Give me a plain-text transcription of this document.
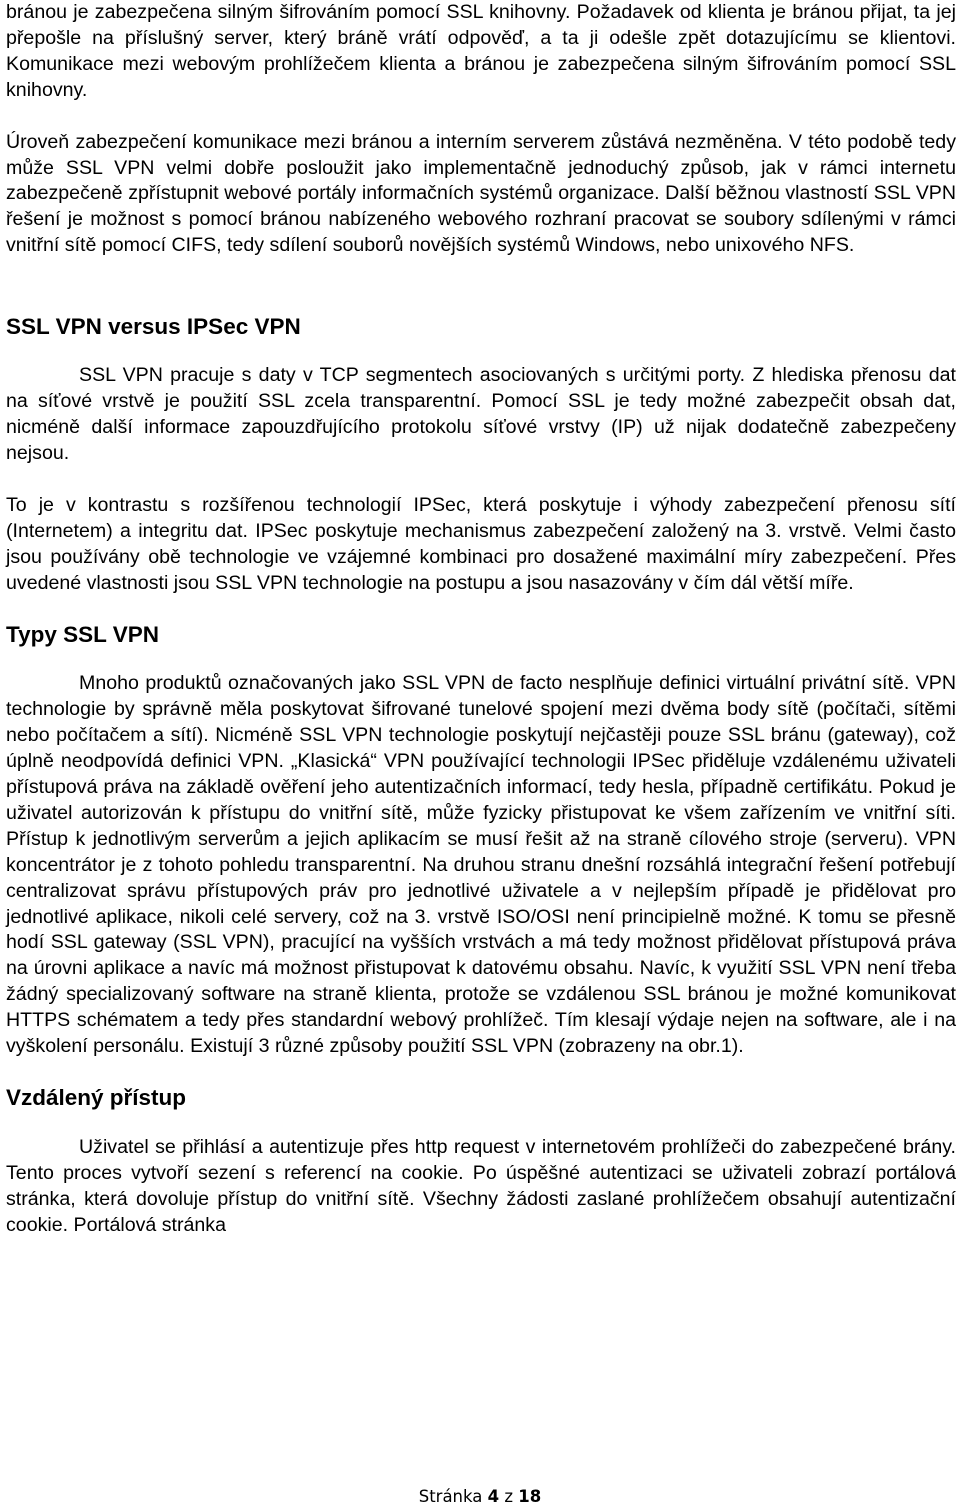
bránou je zabezpečena silným šifrováním pomocí SSL knihovny. Požadavek od klienta je bránou přijat, ta jej přepošle na příslušný server, který bráně vrátí odpověď, a ta ji odešle zpět dotazujícímu se klientovi. Komunikace mezi webovým prohlížečem klienta a bránou je zabezpečena silným šifrováním pomocí SSL knihovny.

Úroveň zabezpečení komunikace mezi bránou a interním serverem zůstává nezměněna. V této podobě tedy může SSL VPN velmi dobře posloužit jako implementačně jednoduchý způsob, jak v rámci internetu zabezpečeně zpřístupnit webové portály informačních systémů organizace. Další běžnou vlastností SSL VPN řešení je možnost s pomocí bránou nabízeného webového rozhraní pracovat se soubory sdílenými v rámci vnitřní sítě pomocí CIFS, tedy sdílení souborů novějších systémů Windows, nebo unixového NFS.

SSL VPN versus IPSec VPN

SSL VPN pracuje s daty v TCP segmentech asociovaných s určitými porty. Z hlediska přenosu dat na síťové vrstvě je použití SSL zcela transparentní. Pomocí SSL je tedy možné zabezpečit obsah dat, nicméně další informace zapouzdřujícího protokolu síťové vrstvy (IP) už nijak dodatečně zabezpečeny nejsou.

To je v kontrastu s rozšířenou technologií IPSec, která poskytuje i výhody zabezpečení přenosu sítí (Internetem) a integritu dat. IPSec poskytuje mechanismus zabezpečení založený na 3. vrstvě. Velmi často jsou používány obě technologie ve vzájemné kombinaci pro dosažené maximální míry zabezpečení. Přes uvedené vlastnosti jsou SSL VPN technologie na postupu a jsou nasazovány v čím dál větší míře.

Typy SSL VPN

Mnoho produktů označovaných jako SSL VPN de facto nesplňuje definici virtuální privátní sítě. VPN technologie by správně měla poskytovat šifrované tunelové spojení mezi dvěma body sítě (počítači, sítěmi nebo počítačem a sítí). Nicméně SSL VPN technologie poskytují nejčastěji pouze SSL bránu (gateway), což úplně neodpovídá definici VPN. „Klasická“ VPN používající technologii IPSec přiděluje vzdálenému uživateli přístupová práva na základě ověření jeho autentizačních informací, tedy hesla, případně certifikátu. Pokud je uživatel autorizován k přístupu do vnitřní sítě, může fyzicky přistupovat ke všem zařízením ve vnitřní síti. Přístup k jednotlivým serverům a jejich aplikacím se musí řešit až na straně cílového stroje (serveru). VPN koncentrátor je z tohoto pohledu transparentní. Na druhou stranu dnešní rozsáhlá integrační řešení potřebují centralizovat správu přístupových práv pro jednotlivé uživatele a v nejlepším případě je přidělovat pro jednotlivé aplikace, nikoli celé servery, což na 3. vrstvě ISO/OSI není principielně možné. K tomu se přesně hodí SSL gateway (SSL VPN), pracující na vyšších vrstvách a má tedy možnost přidělovat přístupová práva na úrovni aplikace a navíc má možnost přistupovat k datovému obsahu. Navíc, k využití SSL VPN není třeba žádný specializovaný software na straně klienta, protože se vzdálenou SSL bránou je možné komunikovat HTTPS schématem a tedy přes standardní webový prohlížeč. Tím klesají výdaje nejen na software, ale i na vyškolení personálu. Existují 3 různé způsoby použití SSL VPN (zobrazeny na obr.1).

Vzdálený přístup

Uživatel se přihlásí a autentizuje přes http request v internetovém prohlížeči do zabezpečené brány. Tento proces vytvoří sezení s referencí na cookie. Po úspěšné autentizaci se uživateli zobrazí portálová stránka, která dovoluje přístup do vnitřní sítě. Všechny žádosti zaslané prohlížečem obsahují autentizační cookie. Portálová stránka

Stránka 4 z 18
